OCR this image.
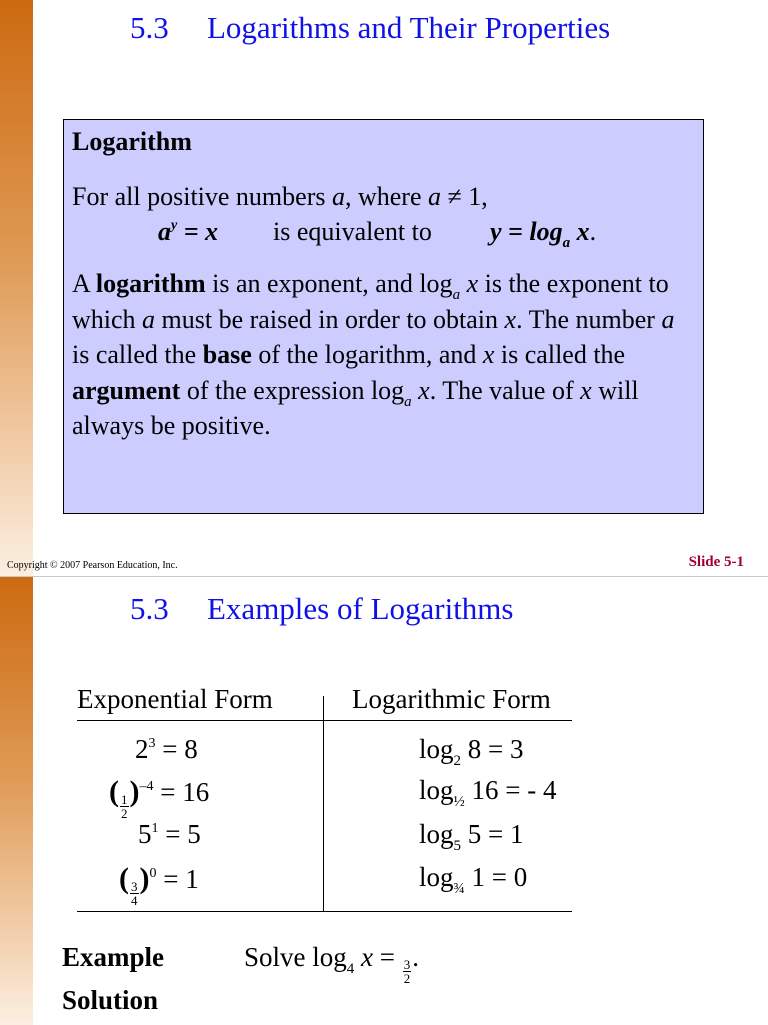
5.3 Logarithms and Their Properties
Logarithm
For all positive numbers a, where a ≠ 1,
$a^y = x$ is equivalent to $y = \log_a x$.
A logarithm is an exponent, and $\log_a x$ is the exponent to which a must be raised in order to obtain x. The number a is called the base of the logarithm, and x is called the argument of the expression $\log_a x$. The value of x will always be positive.
Copyright © 2007 Pearson Education, Inc.	Slide 5-1
5.3 Examples of Logarithms
Exponential Form	Logarithmic Form
$2^3 = 8$	$\log_2 8 = 3$
( $\frac{1}{2} )^{-4} = 16$	$\log_{\frac{1}{2}} 16$ = - 4
$5^1 = 5$	$\log_5 5 = 1$
( $\frac{3}{4} )^0 = 1$	$\log_{\frac{3}{4}} 1 = 0$
Example	Solve $\log_4 x = \frac{3}{2}$ .
Solution
